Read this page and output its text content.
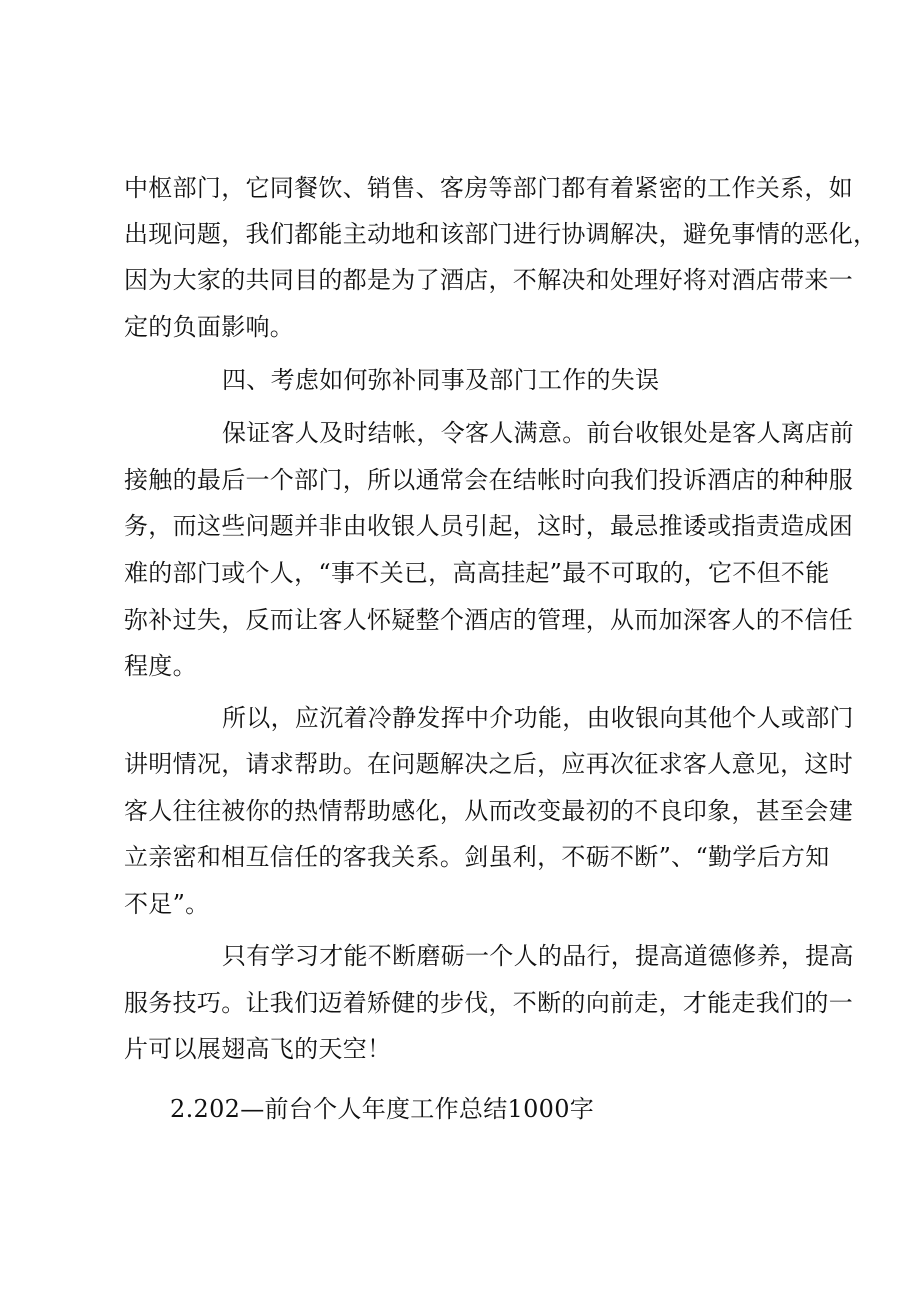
中枢部门，它同餐饮、销售、客房等部门都有着紧密的工作关系，如
出现问题，我们都能主动地和该部门进行协调解决，避免事情的恶化，
因为大家的共同目的都是为了酒店，不解决和处理好将对酒店带来一
定的负面影响。
四、考虑如何弥补同事及部门工作的失误
保证客人及时结帐，令客人满意。前台收银处是客人离店前
接触的最后一个部门，所以通常会在结帐时向我们投诉酒店的种种服
务，而这些问题并非由收银人员引起，这时，最忌推诿或指责造成困
难的部门或个人，“事不关已，高高挂起”最不可取的，它不但不能
弥补过失，反而让客人怀疑整个酒店的管理，从而加深客人的不信任
程度。
所以，应沉着冷静发挥中介功能，由收银向其他个人或部门
讲明情况，请求帮助。在问题解决之后，应再次征求客人意见，这时
客人往往被你的热情帮助感化，从而改变最初的不良印象，甚至会建
立亲密和相互信任的客我关系。剑虽利，不砺不断”、“勤学后方知
不足”。
只有学习才能不断磨砺一个人的品行，提高道德修养，提高
服务技巧。让我们迈着矫健的步伐，不断的向前走，才能走我们的一
片可以展翅高飞的天空！
2.202—前台个人年度工作总结1000字
